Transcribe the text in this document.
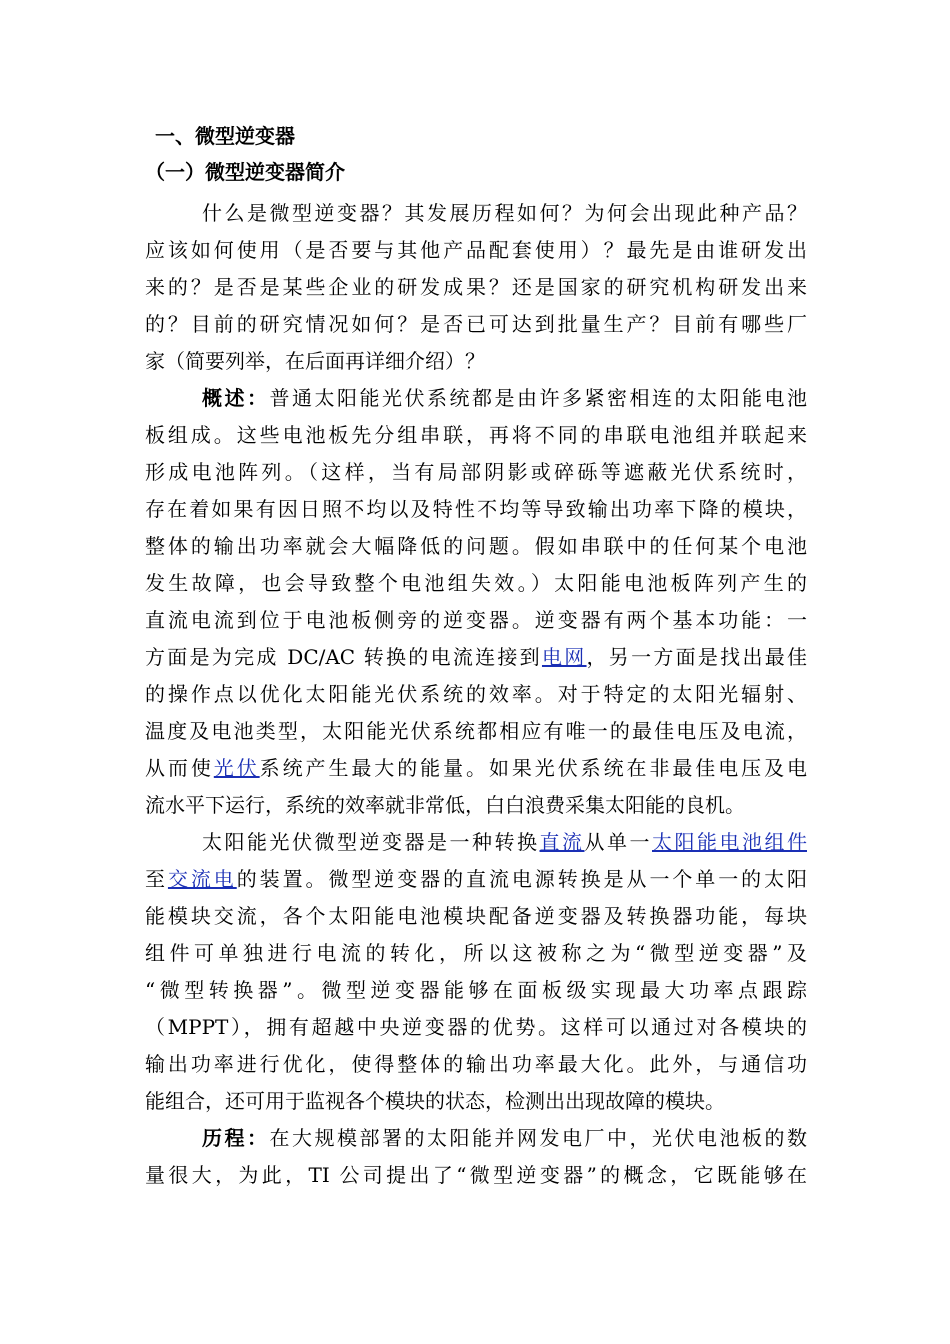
一、微型逆变器
（一）微型逆变器简介
什么是微型逆变器？其发展历程如何？为何会出现此种产品？
应该如何使用（是否要与其他产品配套使用）？最先是由谁研发出
来的？是否是某些企业的研发成果？还是国家的研究机构研发出来
的？目前的研究情况如何？是否已可达到批量生产？目前有哪些厂
家（简要列举，在后面再详细介绍）？
概述：普通太阳能光伏系统都是由许多紧密相连的太阳能电池
板组成。这些电池板先分组串联，再将不同的串联电池组并联起来
形成电池阵列。（这样，当有局部阴影或碎砾等遮蔽光伏系统时，
存在着如果有因日照不均以及特性不均等导致输出功率下降的模块，
整体的输出功率就会大幅降低的问题。假如串联中的任何某个电池
发生故障，也会导致整个电池组失效。）太阳能电池板阵列产生的
直流电流到位于电池板侧旁的逆变器。逆变器有两个基本功能：一
方面是为完成 DC/AC 转换的电流连接到电网，另一方面是找出最佳
的操作点以优化太阳能光伏系统的效率。对于特定的太阳光辐射、
温度及电池类型，太阳能光伏系统都相应有唯一的最佳电压及电流，
从而使光伏系统产生最大的能量。如果光伏系统在非最佳电压及电
流水平下运行，系统的效率就非常低，白白浪费采集太阳能的良机。
太阳能光伏微型逆变器是一种转换直流从单一太阳能电池组件
至交流电的装置。微型逆变器的直流电源转换是从一个单一的太阳
能模块交流，各个太阳能电池模块配备逆变器及转换器功能，每块
组件可单独进行电流的转化，所以这被称之为“微型逆变器”及
“微型转换器”。微型逆变器能够在面板级实现最大功率点跟踪
（MPPT），拥有超越中央逆变器的优势。这样可以通过对各模块的
输出功率进行优化，使得整体的输出功率最大化。此外，与通信功
能组合，还可用于监视各个模块的状态，检测出出现故障的模块。
历程：在大规模部署的太阳能并网发电厂中，光伏电池板的数
量很大，为此，TI 公司提出了“微型逆变器”的概念，它既能够在
